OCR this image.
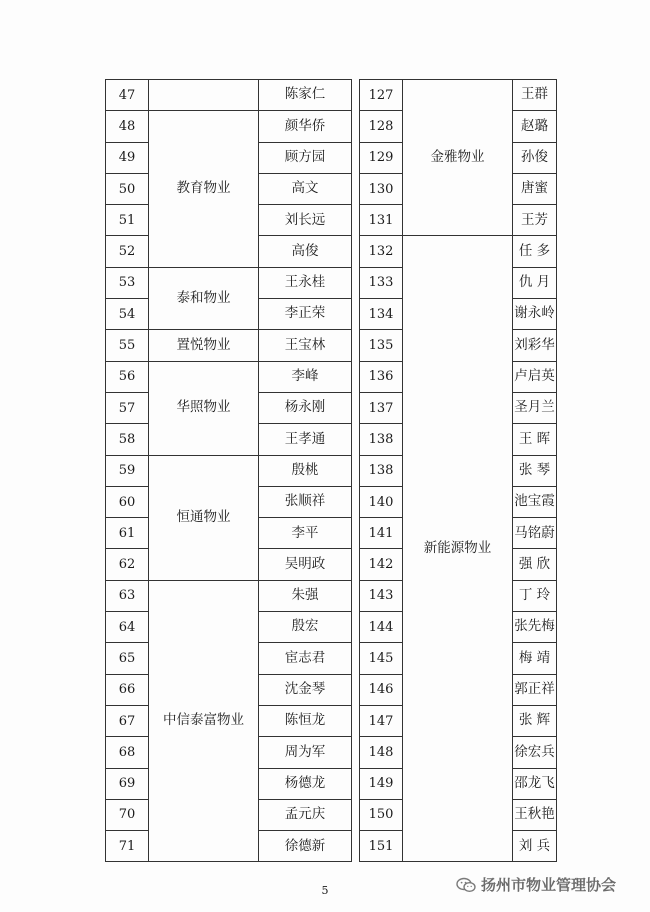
47		陈家仁
48	教育物业	颜华侨
49		顾方园
50		高文
51		刘长远
52		高俊
53	泰和物业	王永桂
54		李正荣
55	置悦物业	王宝林
56	华照物业	李峰
57		杨永刚
58		王孝通
59	恒通物业	殷桃
60		张顺祥
61		李平
62		吴明政
63	中信泰富物业	朱强
64		殷宏
65		宦志君
66		沈金琴
67		陈恒龙
68		周为军
69		杨德龙
70		孟元庆
71		徐德新
127	金雅物业	王群
128		赵璐
129		孙俊
130		唐蜜
131		王芳
132	新能源物业	任 多
133		仇 月
134		谢永岭
135		刘彩华
136		卢启英
137		圣月兰
138		王 晖
138		张 琴
140		池宝霞
141		马铭蔚
142		强 欣
143		丁 玲
144		张先梅
145		梅 靖
146		郭正祥
147		张 辉
148		徐宏兵
149		邵龙飞
150		王秋艳
151		刘 兵
5	扬州市物业管理协会
